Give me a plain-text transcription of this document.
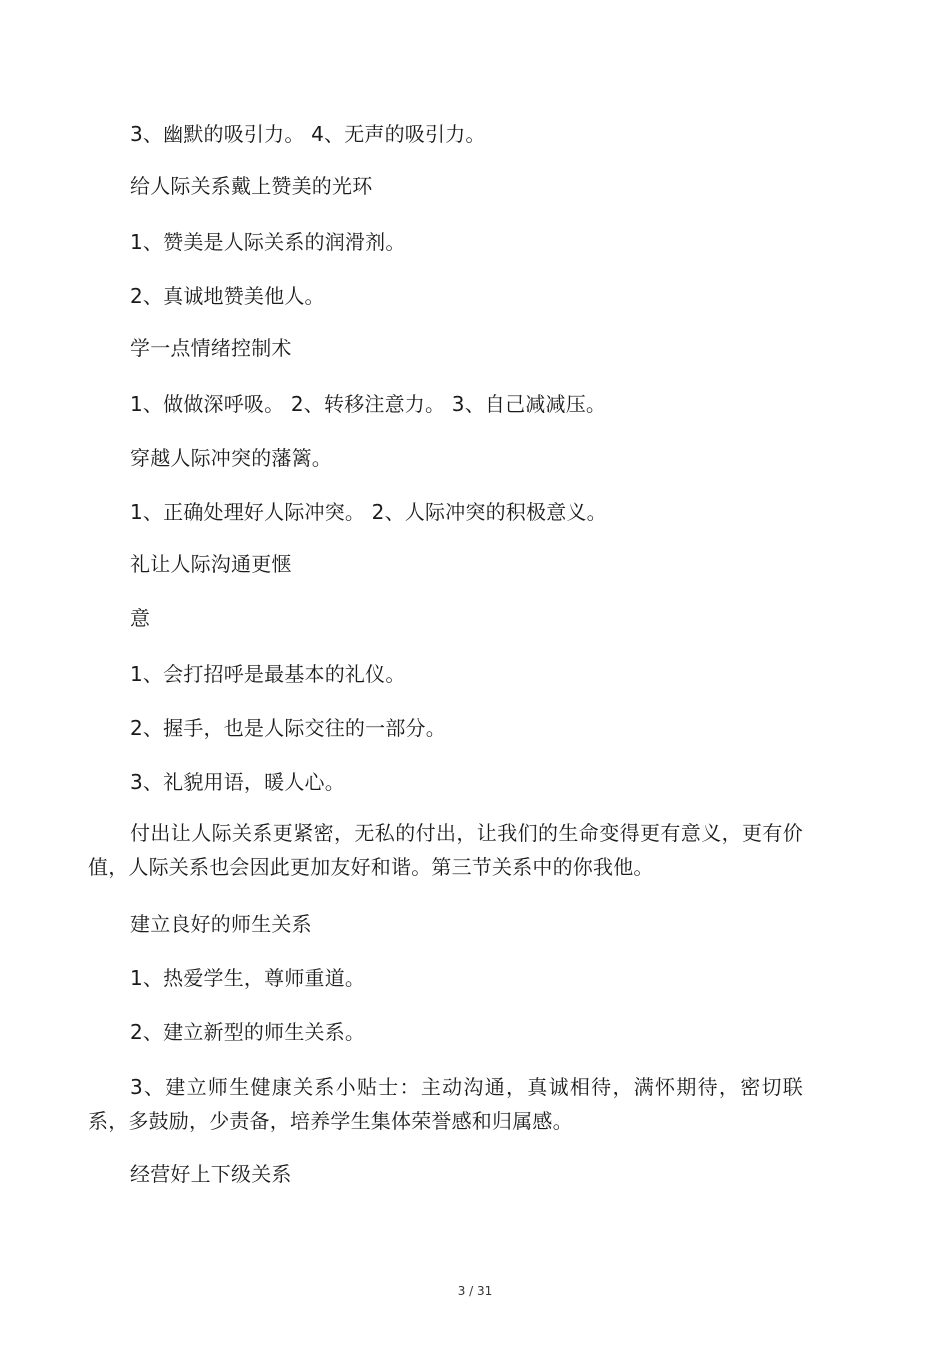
3、幽默的吸引力。 4、无声的吸引力。
给人际关系戴上赞美的光环
1、赞美是人际关系的润滑剂。
2、真诚地赞美他人。
学一点情绪控制术
1、做做深呼吸。 2、转移注意力。 3、自己减减压。
穿越人际冲突的藩篱。
1、正确处理好人际冲突。 2、人际冲突的积极意义。
礼让人际沟通更惬
意
1、会打招呼是最基本的礼仪。
2、握手，也是人际交往的一部分。
3、礼貌用语，暖人心。
付出让人际关系更紧密，无私的付出，让我们的生命变得更有意义，更有价值，人际关系也会因此更加友好和谐。第三节关系中的你我他。
建立良好的师生关系
1、热爱学生，尊师重道。
2、建立新型的师生关系。
3、建立师生健康关系小贴士：主动沟通，真诚相待，满怀期待，密切联系，多鼓励，少责备，培养学生集体荣誉感和归属感。
经营好上下级关系
3 / 31
